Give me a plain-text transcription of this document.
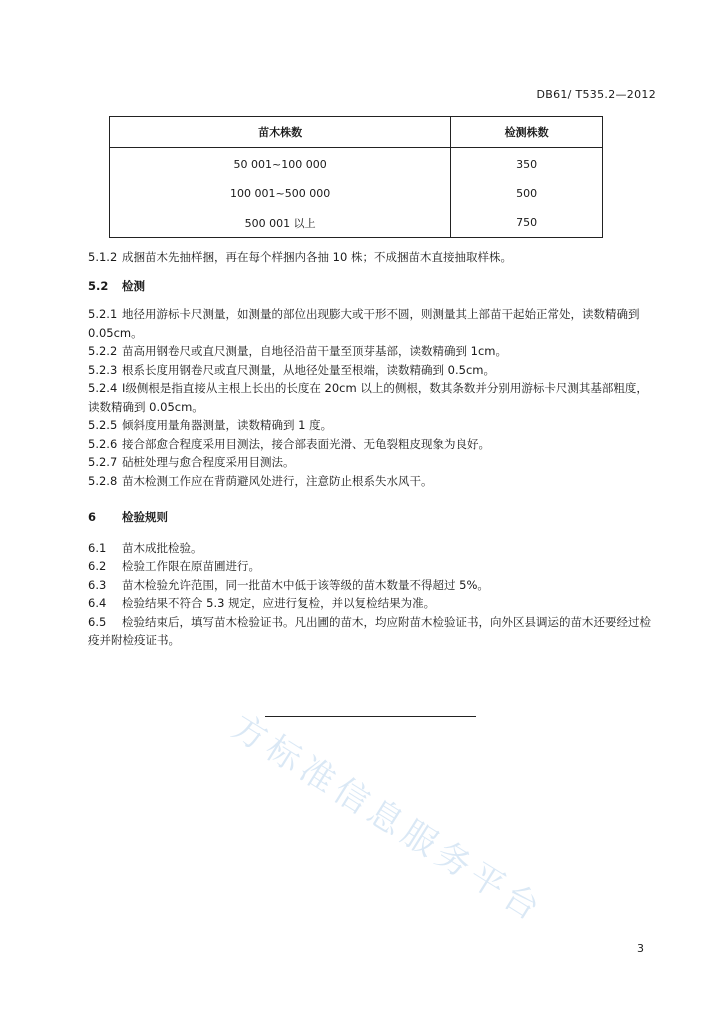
DB61/ T535.2—2012
苗木株数	检测株数
50 001~100 000	350
100 001~500 000	500
500 001 以上	750

5.1.2 成捆苗木先抽样捆，再在每个样捆内各抽 10 株；不成捆苗木直接抽取样株。

5.2 检测

5.2.1 地径用游标卡尺测量，如测量的部位出现膨大或干形不圆，则测量其上部苗干起始正常处，读数精确到 0.05cm。

5.2.2 苗高用钢卷尺或直尺测量，自地径沿苗干量至顶芽基部，读数精确到 1cm。

5.2.3 根系长度用钢卷尺或直尺测量，从地径处量至根端，读数精确到 0.5cm。

5.2.4 Ⅰ级侧根是指直接从主根上长出的长度在 20cm 以上的侧根，数其条数并分别用游标卡尺测其基部粗度，读数精确到 0.05cm。

5.2.5 倾斜度用量角器测量，读数精确到 1 度。

5.2.6 接合部愈合程度采用目测法，接合部表面光滑、无龟裂粗皮现象为良好。

5.2.7 砧桩处理与愈合程度采用目测法。

5.2.8 苗木检测工作应在背荫避风处进行，注意防止根系失水风干。

6 检验规则

6.1 苗木成批检验。

6.2 检验工作限在原苗圃进行。

6.3 苗木检验允许范围，同一批苗木中低于该等级的苗木数量不得超过 5%。

6.4 检验结果不符合 5.3 规定，应进行复检，并以复检结果为准。

6.5 检验结束后，填写苗木检验证书。凡出圃的苗木，均应附苗木检验证书，向外区县调运的苗木还要经过检疫并附检疫证书。

方标准信息服务平台
3
